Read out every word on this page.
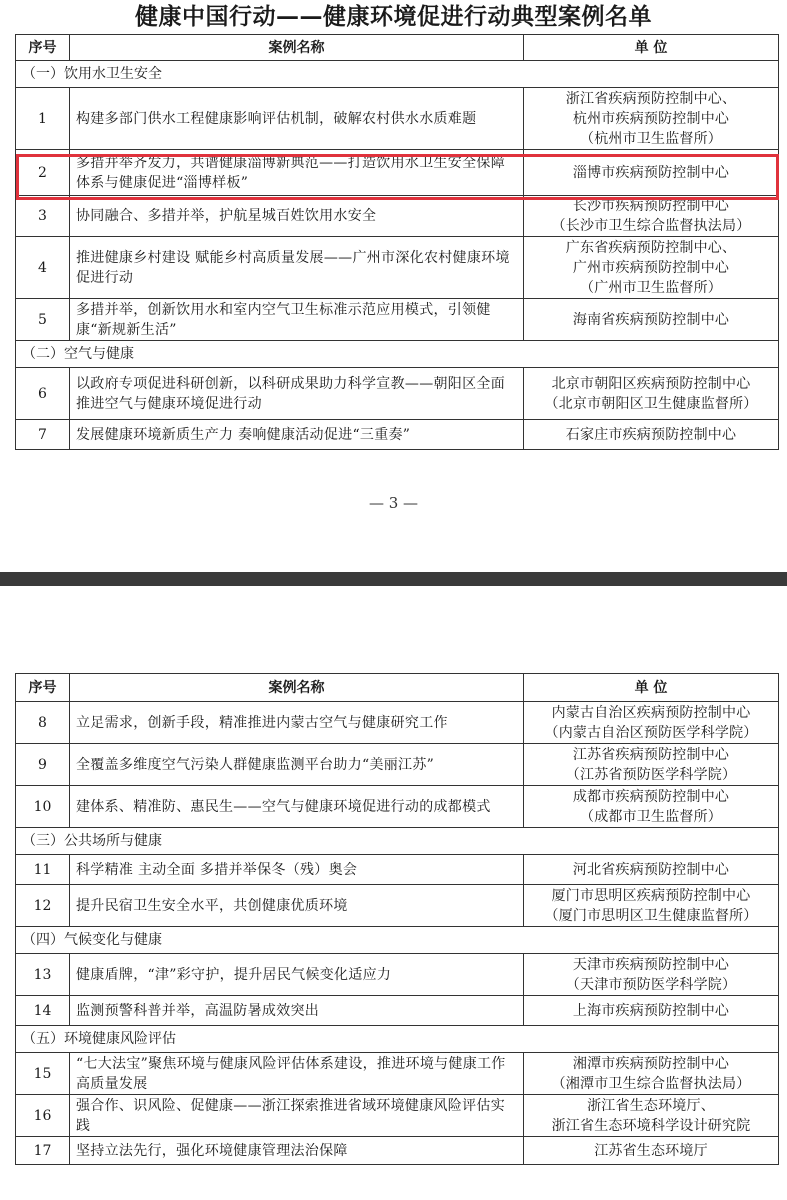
健康中国行动——健康环境促进行动典型案例名单
序号	案例名称	单 位
（一）饮用水卫生安全		
1	构建多部门供水工程健康影响评估机制，破解农村供水水质难题	浙江省疾病预防控制中心、
杭州市疾病预防控制中心
（杭州市卫生监督所）

2	多措并举齐发力，共谱健康淄博新典范——打造饮用水卫生安全保障体系与健康促进“淄博样板”	淄博市疾病预防控制中心

3	协同融合、多措并举，护航星城百姓饮用水安全	长沙市疾病预防控制中心
（长沙市卫生综合监督执法局）

4	推进健康乡村建设 赋能乡村高质量发展——广州市深化农村健康环境促进行动	广东省疾病预防控制中心、
广州市疾病预防控制中心
（广州市卫生监督所）

5	多措并举，创新饮用水和室内空气卫生标准示范应用模式，引领健康“新规新生活”	海南省疾病预防控制中心

（二）空气与健康		
6	以政府专项促进科研创新，以科研成果助力科学宣教——朝阳区全面推进空气与健康环境促进行动	北京市朝阳区疾病预防控制中心
（北京市朝阳区卫生健康监督所）

7	发展健康环境新质生产力 奏响健康活动促进“三重奏”	石家庄市疾病预防控制中心
— 3 —
序号	案例名称	单 位
8	立足需求，创新手段，精准推进内蒙古空气与健康研究工作	内蒙古自治区疾病预防控制中心
（内蒙古自治区预防医学科学院）

9	全覆盖多维度空气污染人群健康监测平台助力“美丽江苏”	江苏省疾病预防控制中心
（江苏省预防医学科学院）

10	建体系、精准防、惠民生——空气与健康环境促进行动的成都模式	成都市疾病预防控制中心
（成都市卫生监督所）

（三）公共场所与健康		
11	科学精准 主动全面 多措并举保冬（残）奥会	河北省疾病预防控制中心

12	提升民宿卫生安全水平，共创健康优质环境	厦门市思明区疾病预防控制中心
（厦门市思明区卫生健康监督所）

（四）气候变化与健康		
13	健康盾牌，“津”彩守护，提升居民气候变化适应力	天津市疾病预防控制中心
（天津市预防医学科学院）

14	监测预警科普并举，高温防暑成效突出	上海市疾病预防控制中心

（五）环境健康风险评估		
15	“七大法宝”聚焦环境与健康风险评估体系建设，推进环境与健康工作高质量发展	湘潭市疾病预防控制中心
（湘潭市卫生综合监督执法局）

16	强合作、识风险、促健康——浙江探索推进省域环境健康风险评估实践	浙江省生态环境厅、
浙江省生态环境科学设计研究院

17	坚持立法先行，强化环境健康管理法治保障	江苏省生态环境厅
